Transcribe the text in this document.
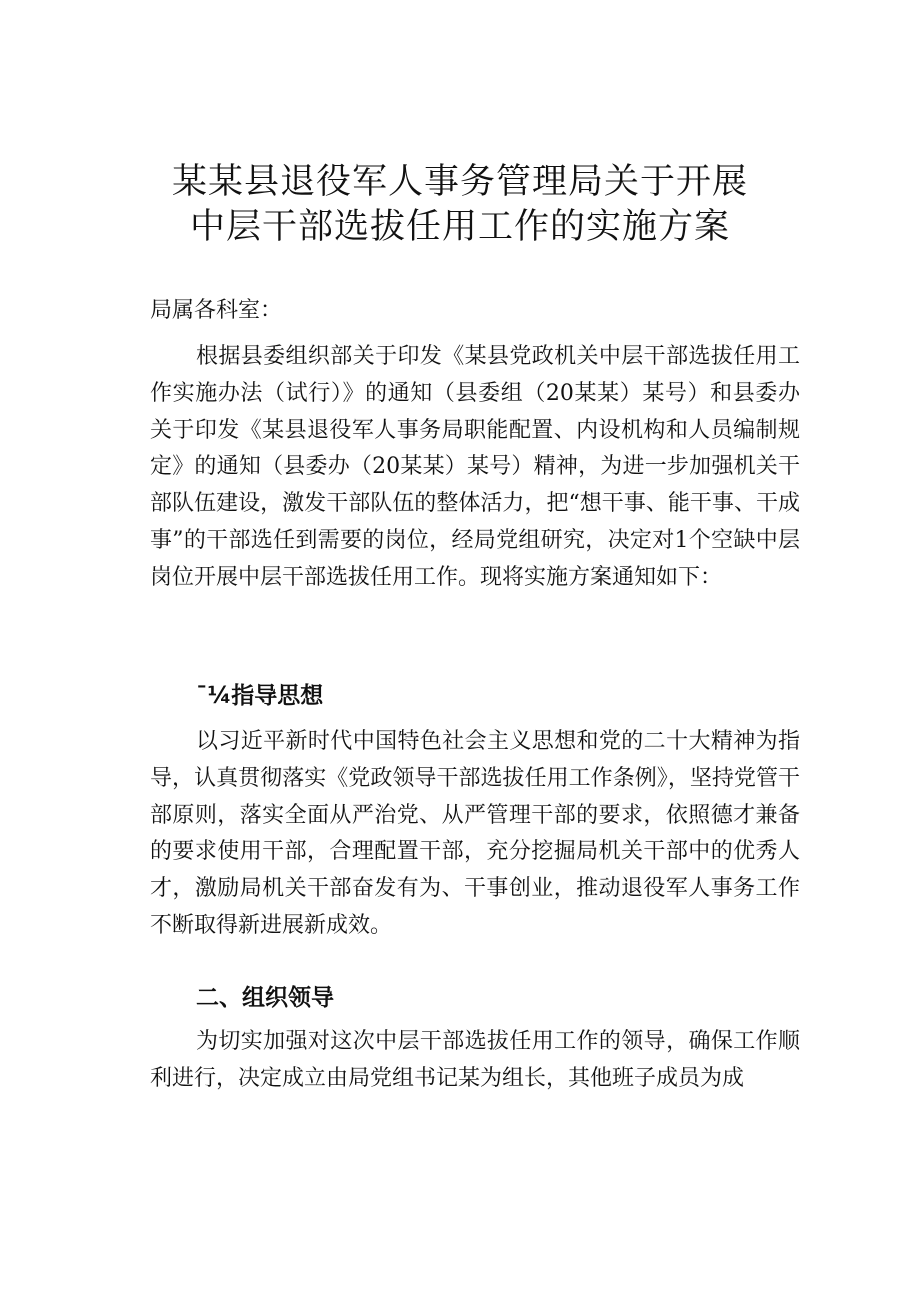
某某县退役军人事务管理局关于开展
中层干部选拔任用工作的实施方案
局属各科室：

根据县委组织部关于印发《某县党政机关中层干部选拔任用工作实施办法（试行）》的通知（县委组（20某某）某号）和县委办关于印发《某县退役军人事务局职能配置、内设机构和人员编制规定》的通知（县委办（20某某）某号）精神，为进一步加强机关干部队伍建设，激发干部队伍的整体活力，把“想干事、能干事、干成事”的干部选任到需要的岗位，经局党组研究，决定对1个空缺中层岗位开展中层干部选拔任用工作。现将实施方案通知如下：

¯¼指导思想

以习近平新时代中国特色社会主义思想和党的二十大精神为指导，认真贯彻落实《党政领导干部选拔任用工作条例》，坚持党管干部原则，落实全面从严治党、从严管理干部的要求，依照德才兼备的要求使用干部，合理配置干部，充分挖掘局机关干部中的优秀人才，激励局机关干部奋发有为、干事创业，推动退役军人事务工作不断取得新进展新成效。

二、组织领导

为切实加强对这次中层干部选拔任用工作的领导，确保工作顺利进行，决定成立由局党组书记某为组长，其他班子成员为成
